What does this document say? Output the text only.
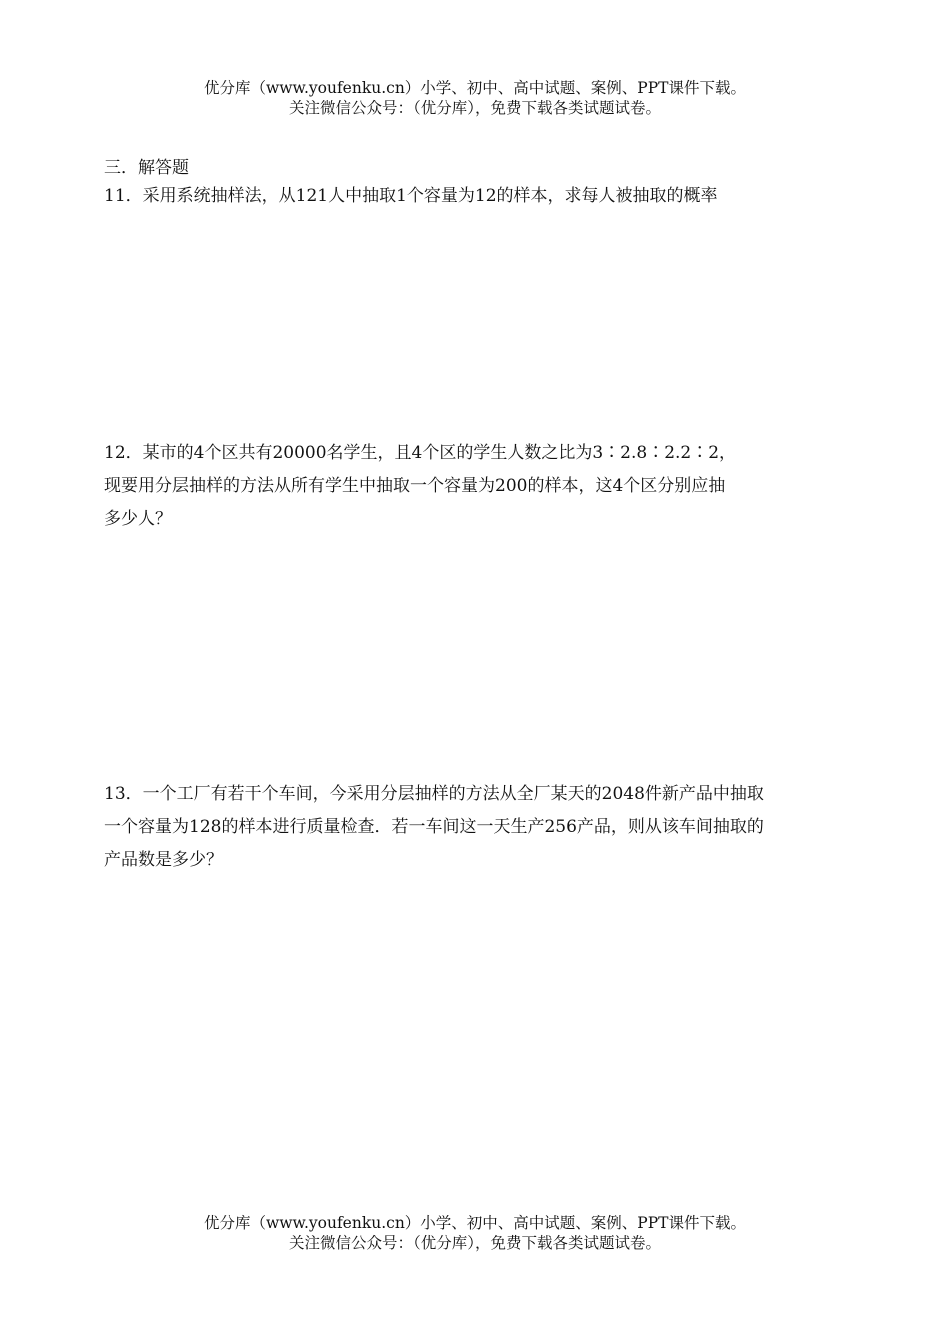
优分库（www.youfenku.cn）小学、初中、高中试题、案例、PPT课件下载。
关注微信公众号：（优分库），免费下载各类试题试卷。
三．解答题
11．采用系统抽样法，从121人中抽取1个容量为12的样本，求每人被抽取的概率
12．某市的4个区共有20000名学生，且4个区的学生人数之比为3∶2.8∶2.2∶2，
现要用分层抽样的方法从所有学生中抽取一个容量为200的样本，这4个区分别应抽
多少人？
13．一个工厂有若干个车间，今采用分层抽样的方法从全厂某天的2048件新产品中抽取
一个容量为128的样本进行质量检查．若一车间这一天生产256产品，则从该车间抽取的
产品数是多少？
优分库（www.youfenku.cn）小学、初中、高中试题、案例、PPT课件下载。
关注微信公众号：（优分库），免费下载各类试题试卷。
